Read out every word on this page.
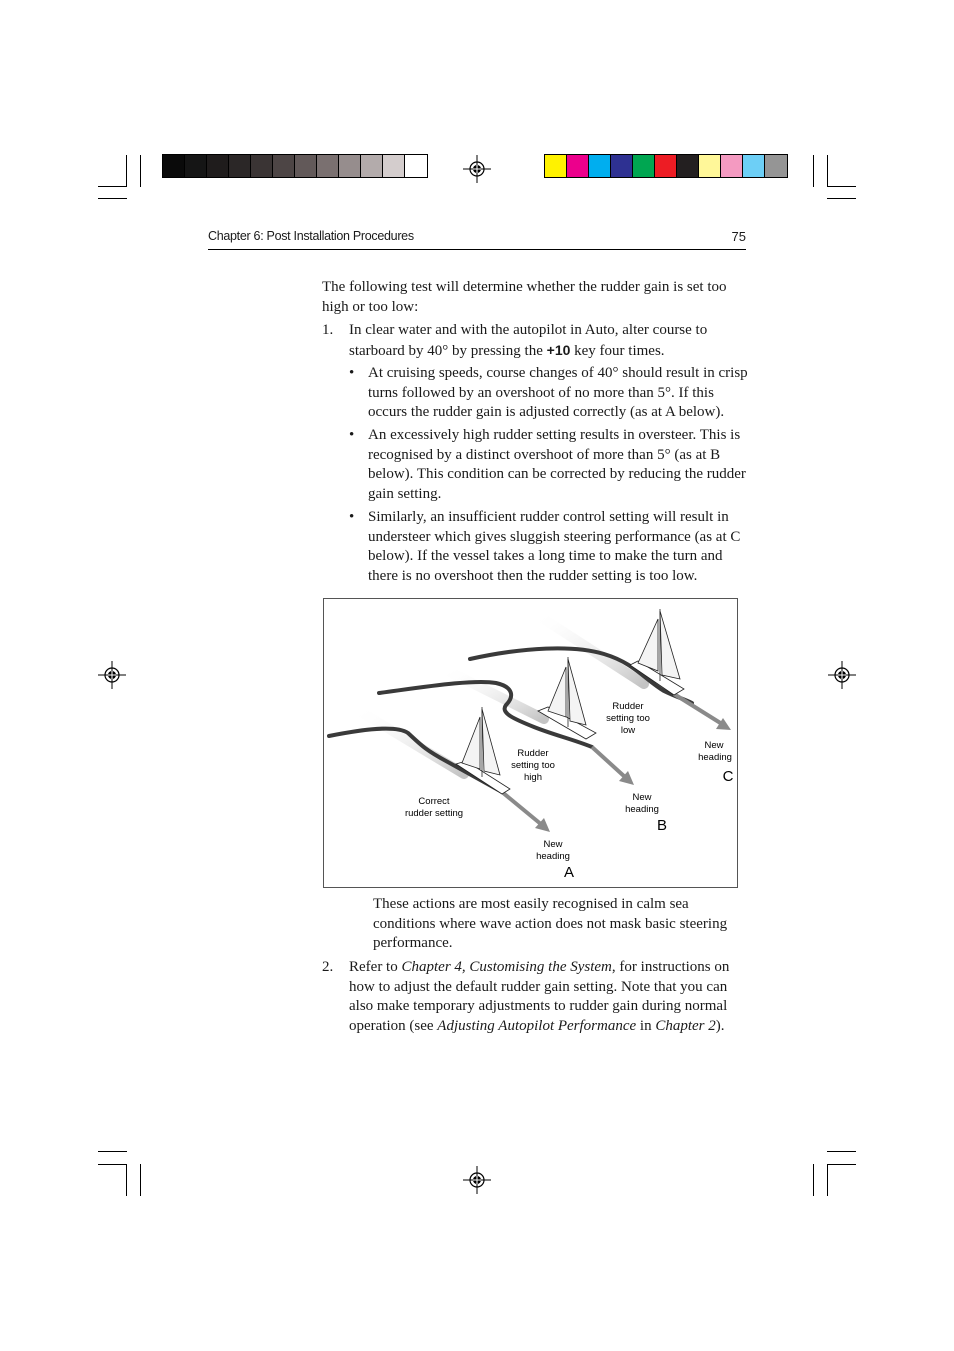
Chapter 6: Post Installation Procedures	75
The following test will determine whether the rudder gain is set too
high or too low:
1. In clear water and with the autopilot in Auto, alter course to
starboard by 40° by pressing the +10 key four times.
• At cruising speeds, course changes of 40° should result in crisp
turns followed by an overshoot of no more than 5°. If this
occurs the rudder gain is adjusted correctly (as at A below).
• An excessively high rudder setting results in oversteer. This is
recognised by a distinct overshoot of more than 5° (as at B
below). This condition can be corrected by reducing the rudder
gain setting.
• Similarly, an insufficient rudder control setting will result in
understeer which gives sluggish steering performance (as at C
below). If the vessel takes a long time to make the turn and
there is no overshoot then the rudder setting is too low.
Correct
rudder setting
Rudder
setting too
high
Rudder
setting too
low
New
heading
A
New
heading
B
New
heading
C
These actions are most easily recognised in calm sea
conditions where wave action does not mask basic steering
performance.
2. Refer to Chapter 4, Customising the System, for instructions on
how to adjust the default rudder gain setting. Note that you can
also make temporary adjustments to rudder gain during normal
operation (see Adjusting Autopilot Performance in Chapter 2).
